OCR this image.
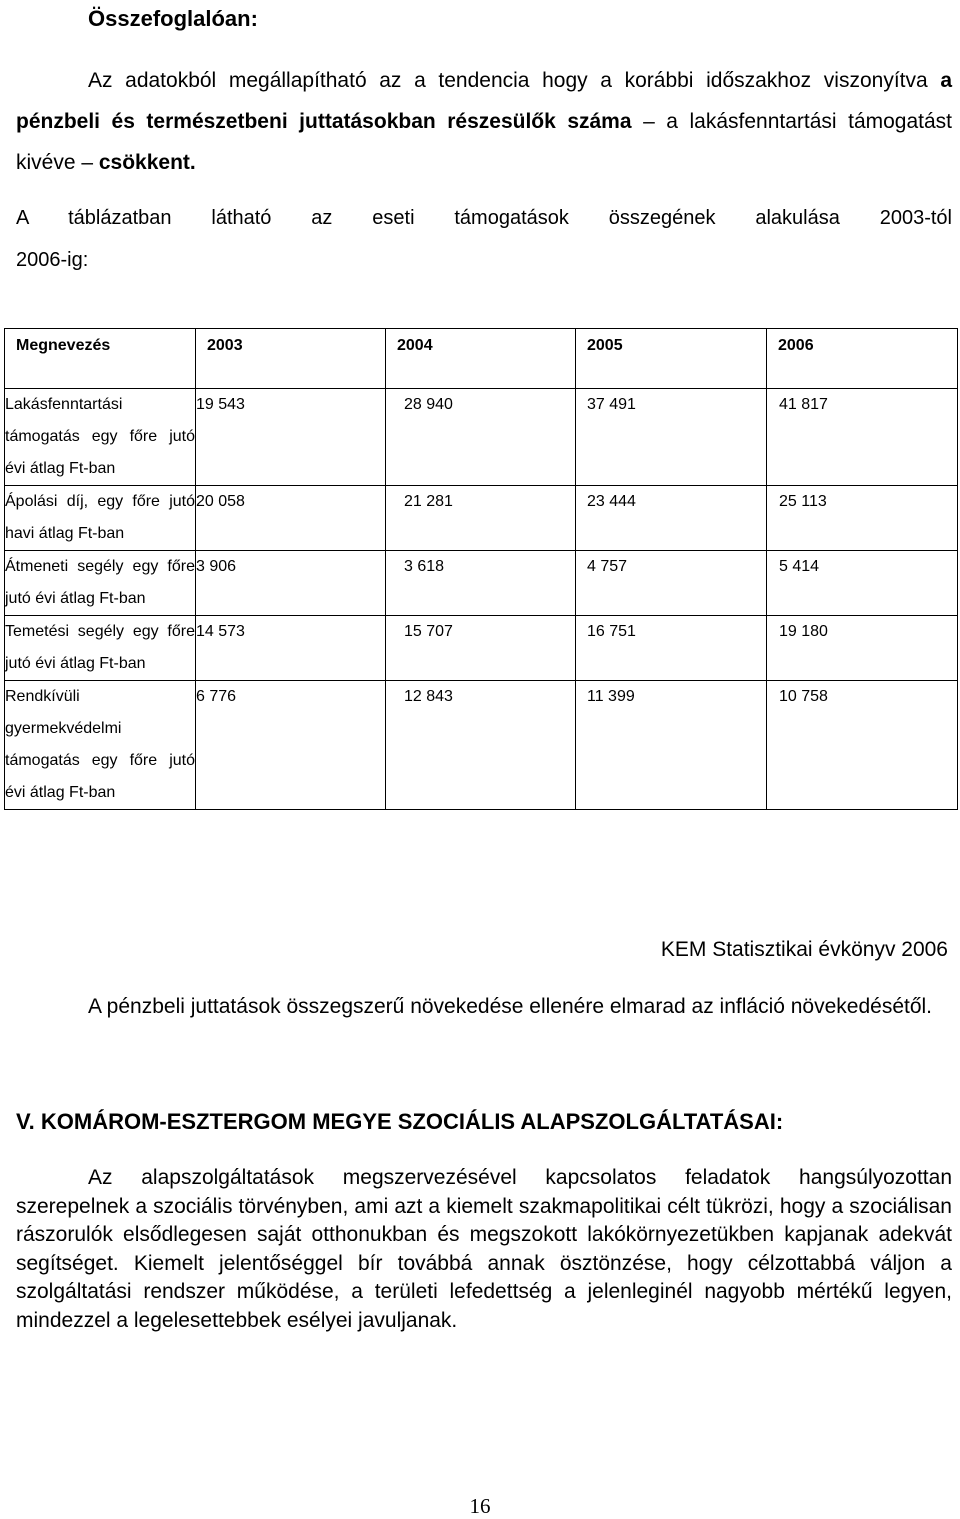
Összefoglalóan:
Az adatokból megállapítható az a tendencia hogy a korábbi időszakhoz viszonyítva a pénzbeli és természetbeni juttatásokban részesülők száma – a lakásfenntartási támogatást kivéve – csökkent.
A táblázatban látható az eseti támogatások összegének alakulása 2003-tól
2006-ig:
Megnevezés	2003	2004	2005	2006

Lakásfenntartási támogatás egy főre jutó évi átlag Ft-ban	19 543	28 940	37 491	41 817
Ápolási díj, egy főre jutó havi átlag Ft-ban	20 058	21 281	23 444	25 113
Átmeneti segély egy főre jutó évi átlag Ft-ban	3 906	3 618	4 757	5 414
Temetési segély egy főre jutó évi átlag Ft-ban	14 573	15 707	16 751	19 180
Rendkívüli gyermekvédelmi támogatás egy főre jutó évi átlag Ft-ban	6 776	12 843	11 399	10 758
KEM Statisztikai évkönyv 2006
A pénzbeli juttatások összegszerű növekedése ellenére elmarad az infláció növekedésétől.
V. KOMÁROM-ESZTERGOM MEGYE SZOCIÁLIS ALAPSZOLGÁLTATÁSAI:
Az alapszolgáltatások megszervezésével kapcsolatos feladatok hangsúlyozottan szerepelnek a szociális törvényben, ami azt a kiemelt szakmapolitikai célt tükrözi, hogy a szociálisan rászorulók elsődlegesen saját otthonukban és megszokott lakókörnyezetükben kapjanak adekvát segítséget. Kiemelt jelentőséggel bír továbbá annak ösztönzése, hogy célzottabbá váljon a szolgáltatási rendszer működése, a területi lefedettség a jelenleginél nagyobb mértékű legyen, mindezzel a legelesettebbek esélyei javuljanak.
16
